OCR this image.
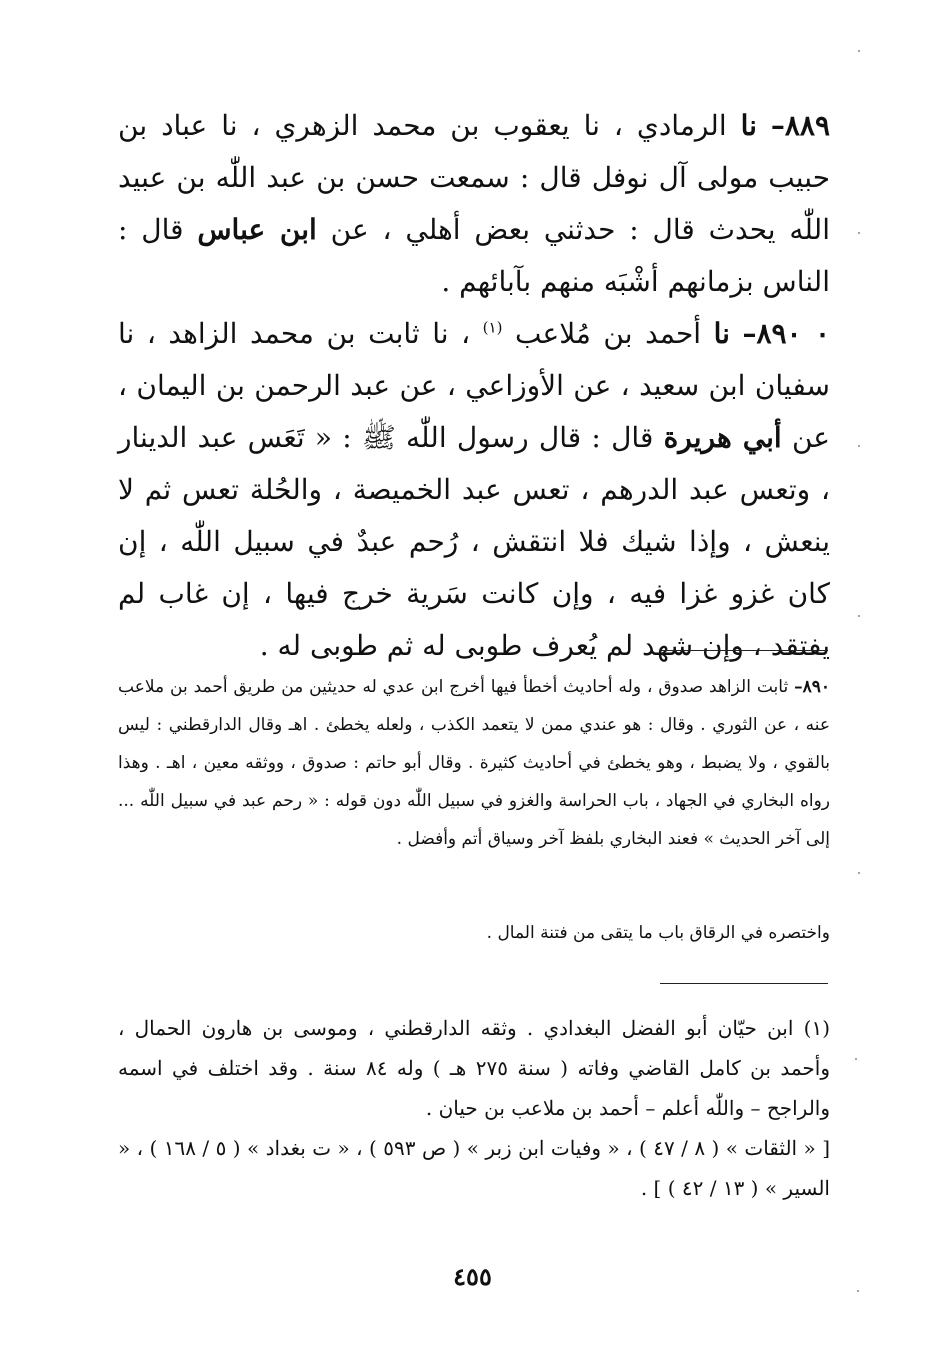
٨٨٩– نا الرمادي ، نا يعقوب بن محمد الزهري ، نا عباد بن حبيب مولى آل نوفل قال : سمعت حسن بن عبد اللّٰه بن عبيد اللّٰه يحدث قال : حدثني بعض أهلي ، عن ابن عباس قال : الناس بزمانهم أشْبَه منهم بآبائهم .
٠ ٨٩٠– نا أحمد بن مُلاعب $^{(١)}$ ، نا ثابت بن محمد الزاهد ، نا سفيان ابن سعيد ، عن الأوزاعي ، عن عبد الرحمن بن اليمان ، عن أبي هريرة قال : قال رسول اللّٰه ﷺ : « تَعَس عبد الدينار ، وتعس عبد الدرهم ، تعس عبد الخميصة ، والحُلة تعس ثم لا ينعش ، وإذا شيك فلا انتقش ، رُحم عبدٌ في سبيل اللّٰه ، إن كان غزو غزا فيه ، وإن كانت سَرية خرج فيها ، إن غاب لم يفتقد ، وإن شهد لم يُعرف طوبى له ثم طوبى له .
٨٩٠– ثابت الزاهد صدوق ، وله أحاديث أخطأ فيها أخرج ابن عدي له حديثين من طريق أحمد بن ملاعب عنه ، عن الثوري . وقال : هو عندي ممن لا يتعمد الكذب ، ولعله يخطئ . اهـ وقال الدارقطني : ليس بالقوي ، ولا يضبط ، وهو يخطئ في أحاديث كثيرة . وقال أبو حاتم : صدوق ، ووثقه معين ، اهـ . وهذا رواه البخاري في الجهاد ، باب الحراسة والغزو في سبيل اللّٰه دون قوله : « رحم عبد في سبيل اللّٰه ... إلى آخر الحديث » فعند البخاري بلفظ آخر وسياق أتم وأفضل .
واختصره في الرقاق باب ما يتقى من فتنة المال .
(١) ابن حيّان أبو الفضل البغدادي . وثقه الدارقطني ، وموسى بن هارون الحمال ، وأحمد بن كامل القاضي وفاته ( سنة ٢٧٥ هـ ) وله ٨٤ سنة . وقد اختلف في اسمه والراجح – واللّٰه أعلم – أحمد بن ملاعب بن حيان .
[ « الثقات » ( ٨ / ٤٧ ) ، « وفيات ابن زبر » ( ص ٥٩٣ ) ، « ت بغداد » ( ٥ / ١٦٨ ) ، « السير » ( ١٣ / ٤٢ ) ] .
٤٥٥
